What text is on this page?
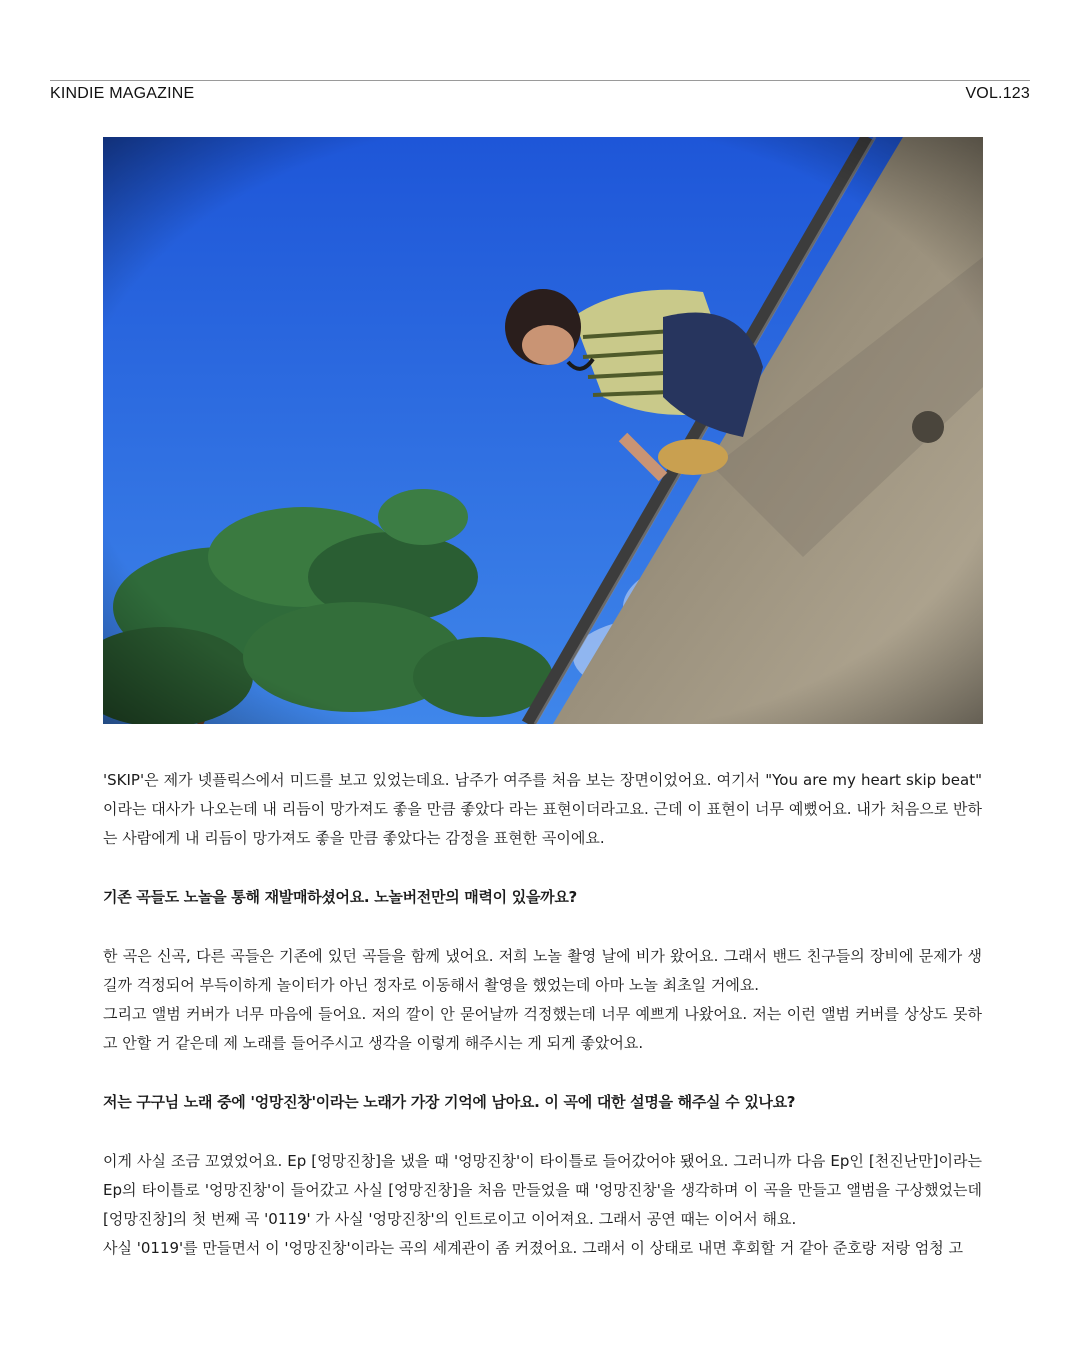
KINDIE MAGAZINE	VOL.123

'SKIP'은 제가 넷플릭스에서 미드를 보고 있었는데요. 남주가 여주를 처음 보는 장면이었어요. 여기서 "You are my heart skip beat" 이라는 대사가 나오는데 내 리듬이 망가져도 좋을 만큼 좋았다 라는 표현이더라고요. 근데 이 표현이 너무 예뻤어요. 내가 처음으로 반하는 사람에게 내 리듬이 망가져도 좋을 만큼 좋았다는 감정을 표현한 곡이에요.

기존 곡들도 노놀을 통해 재발매하셨어요. 노놀버전만의 매력이 있을까요?

한 곡은 신곡, 다른 곡들은 기존에 있던 곡들을 함께 냈어요. 저희 노놀 촬영 날에 비가 왔어요. 그래서 밴드 친구들의 장비에 문제가 생길까 걱정되어 부득이하게 놀이터가 아닌 정자로 이동해서 촬영을 했었는데 아마 노놀 최초일 거에요.

그리고 앨범 커버가 너무 마음에 들어요. 저의 깔이 안 묻어날까 걱정했는데 너무 예쁘게 나왔어요. 저는 이런 앨범 커버를 상상도 못하고 안할 거 같은데 제 노래를 들어주시고 생각을 이렇게 해주시는 게 되게 좋았어요.

저는 구구님 노래 중에 '엉망진창'이라는 노래가 가장 기억에 남아요. 이 곡에 대한 설명을 해주실 수 있나요?

이게 사실 조금 꼬였었어요. Ep [엉망진창]을 냈을 때 '엉망진창'이 타이틀로 들어갔어야 됐어요. 그러니까 다음 Ep인 [천진난만]이라는 Ep의 타이틀로 '엉망진창'이 들어갔고 사실 [엉망진창]을 처음 만들었을 때 '엉망진창'을 생각하며 이 곡을 만들고 앨범을 구상했었는데 [엉망진창]의 첫 번째 곡 '0119' 가 사실 '엉망진창'의 인트로이고 이어져요. 그래서 공연 때는 이어서 해요.

사실 '0119'를 만들면서 이 '엉망진창'이라는 곡의 세계관이 좀 커졌어요. 그래서 이 상태로 내면 후회할 거 같아 준호랑 저랑 엄청 고
